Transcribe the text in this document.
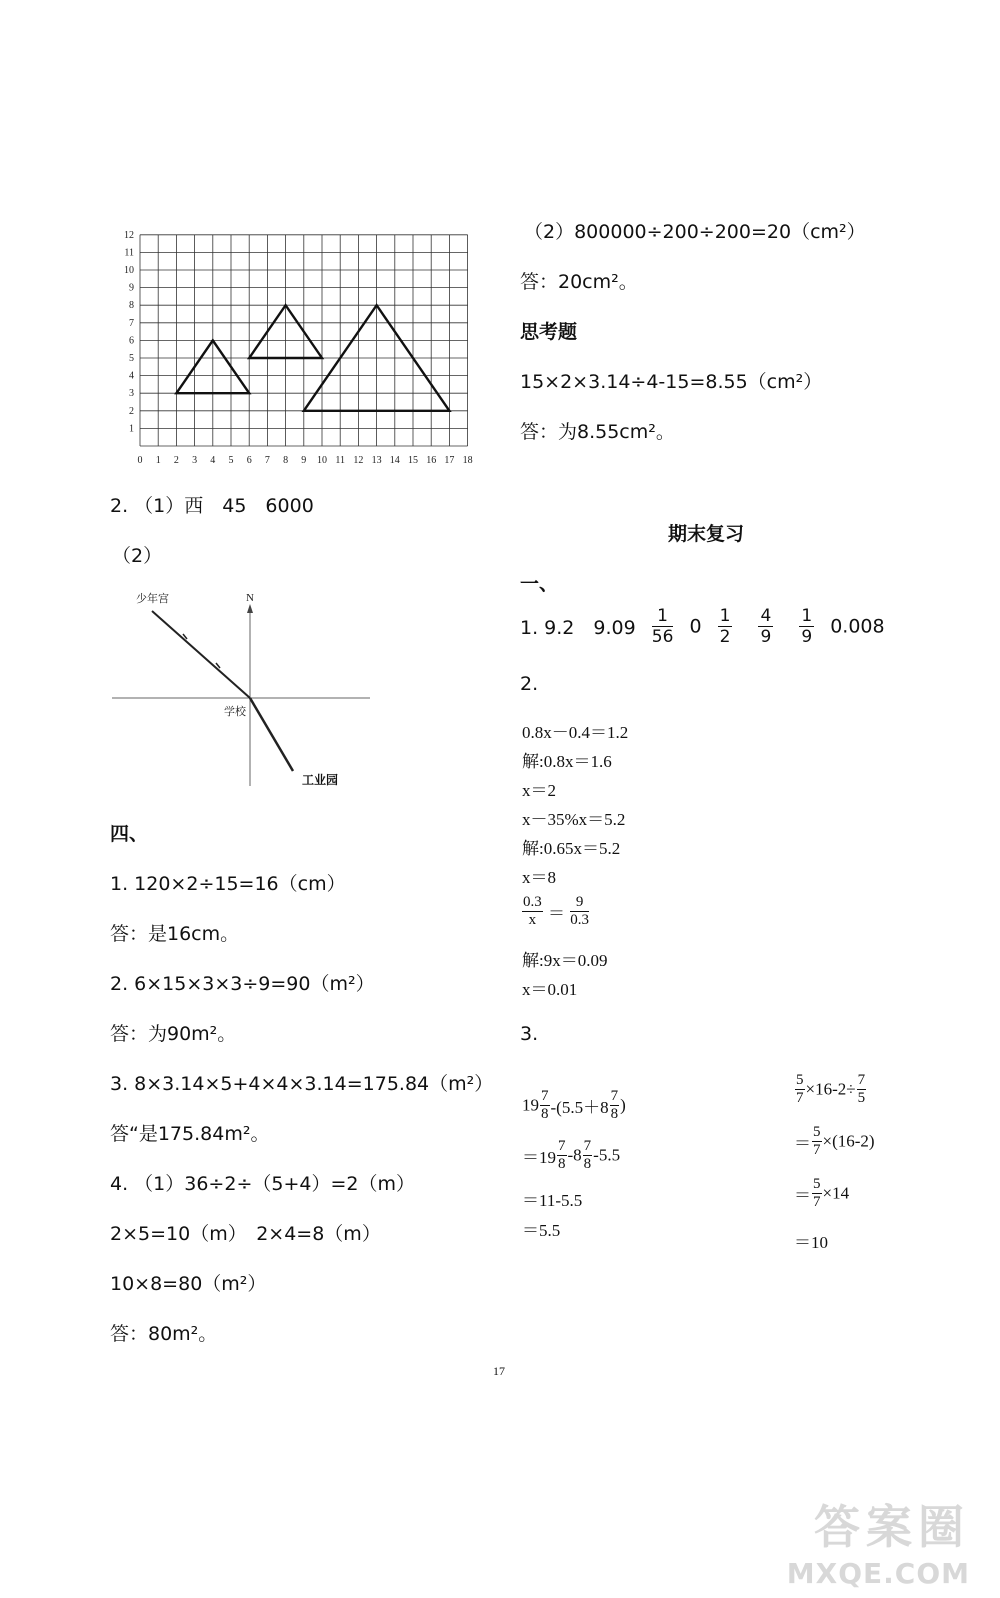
0 1 2 3 4 5 6 7 8 9 10 11 12 13 14 15 16 17 18
1
2
3
4
5
6
7
8
9
10
11
12
2. （1）西　45　6000
（2）
少年宫	N
学校
工业园
四、
1. 120×2÷15=16（cm）
答：是16cm。
2. 6×15×3×3÷9=90（m²）
答：为90m²。
3. 8×3.14×5+4×4×3.14=175.84（m²）
答“是175.84m²。
4. （1）36÷2÷（5+4）=2（m）
2×5=10（m）　2×4=8（m）
10×8=80（m²）
答：80m²。
（2）800000÷200÷200=20（cm²）
答：20cm²。
思考题
15×2×3.14÷4-15=8.55（cm²）
答：为8.55cm²。
期末复习
一、
1. 9.2　$9.09 \frac{1}{56} 0 \frac{1}{2}$
$\frac{4}{9}$
$\frac{1}{9} 0.008$
2.
0.8x－0.4＝1.2
解:0.8x＝1.6
x＝2
x－35%x＝5.2
解:0.65x＝5.2
x＝8
$\frac{0.3}{x} = \frac{9}{0.3}$
解:9x＝0.09
x＝0.01
3.
$19 \frac{7}{8} -(5.5+8 \frac{7}{8}$ )
$=19 \frac{7}{8} -8 \frac{7}{8} -5.5$
＝11-5.5
＝5.5
$\frac{5}{7} \times 16-2\div \frac{7}{5}$
＝ $\frac{5}{7} \times(16-2)$
＝ $\frac{5}{7} \times 14$
＝10
17
答案圈
MXQE.COM
